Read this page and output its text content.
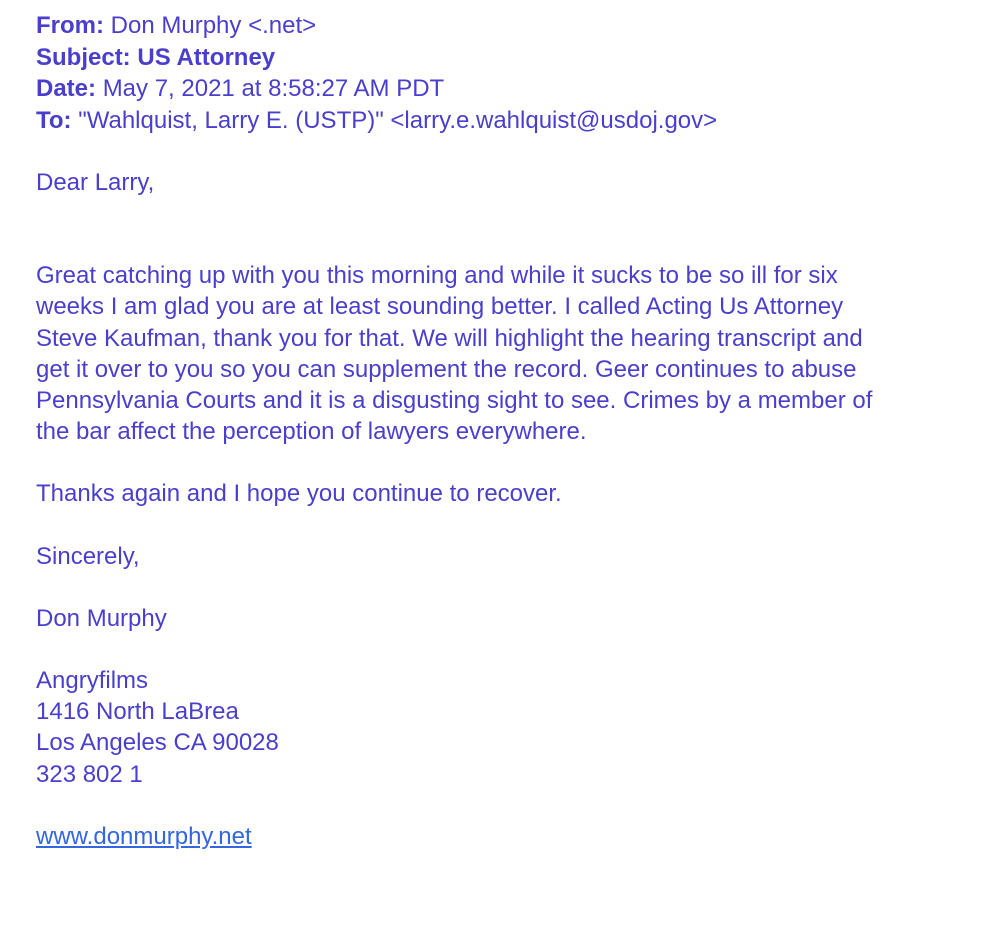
From: Don Murphy <.net>
Subject: US Attorney
Date: May 7, 2021 at 8:58:27 AM PDT
To: "Wahlquist, Larry E. (USTP)" <larry.e.wahlquist@usdoj.gov>
Dear Larry,
Great catching up with you this morning and while it sucks to be so ill for six
weeks I am glad you are at least sounding better. I called Acting Us Attorney
Steve Kaufman, thank you for that. We will highlight the hearing transcript and
get it over to you so you can supplement the record. Geer continues to abuse
Pennsylvania Courts and it is a disgusting sight to see. Crimes by a member of
the bar affect the perception of lawyers everywhere.
Thanks again and I hope you continue to recover.
Sincerely,
Don Murphy
Angryfilms
1416 North LaBrea
Los Angeles CA 90028
323 802 1
www.donmurphy.net
